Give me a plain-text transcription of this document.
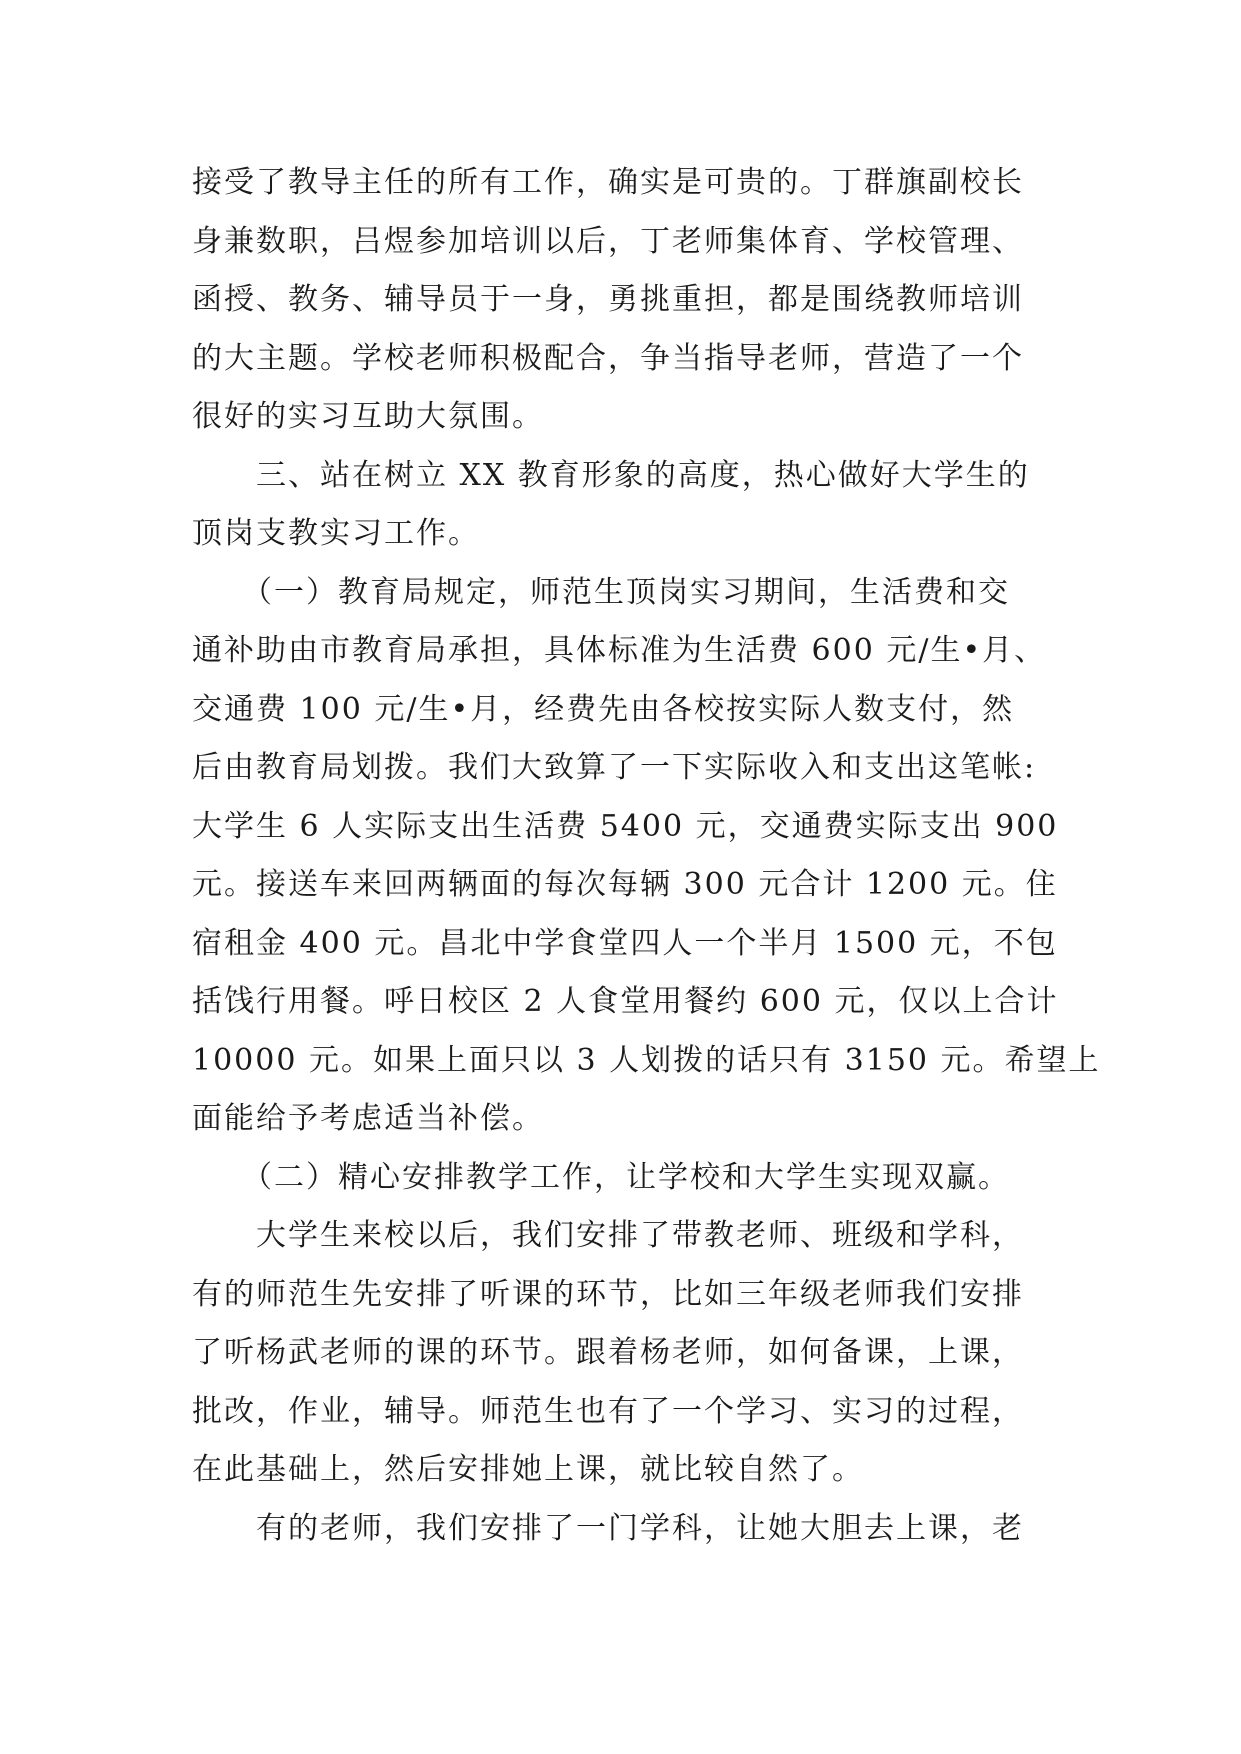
接受了教导主任的所有工作，确实是可贵的。丁群旗副校长
身兼数职，吕煜参加培训以后，丁老师集体育、学校管理、
函授、教务、辅导员于一身，勇挑重担，都是围绕教师培训
的大主题。学校老师积极配合，争当指导老师，营造了一个
很好的实习互助大氛围。
三、站在树立 XX 教育形象的高度，热心做好大学生的
顶岗支教实习工作。
（一）教育局规定，师范生顶岗实习期间，生活费和交
通补助由市教育局承担，具体标准为生活费 600 元/生•月、
交通费 100 元/生•月，经费先由各校按实际人数支付，然
后由教育局划拨。我们大致算了一下实际收入和支出这笔帐:
大学生 6 人实际支出生活费 5400 元，交通费实际支出 900
元。接送车来回两辆面的每次每辆 300 元合计 1200 元。住
宿租金 400 元。昌北中学食堂四人一个半月 1500 元，不包
括饯行用餐。呼日校区 2 人食堂用餐约 600 元，仅以上合计
10000 元。如果上面只以 3 人划拨的话只有 3150 元。希望上
面能给予考虑适当补偿。
（二）精心安排教学工作，让学校和大学生实现双赢。
大学生来校以后，我们安排了带教老师、班级和学科，
有的师范生先安排了听课的环节，比如三年级老师我们安排
了听杨武老师的课的环节。跟着杨老师，如何备课，上课，
批改，作业，辅导。师范生也有了一个学习、实习的过程，
在此基础上，然后安排她上课，就比较自然了。
有的老师，我们安排了一门学科，让她大胆去上课，老
